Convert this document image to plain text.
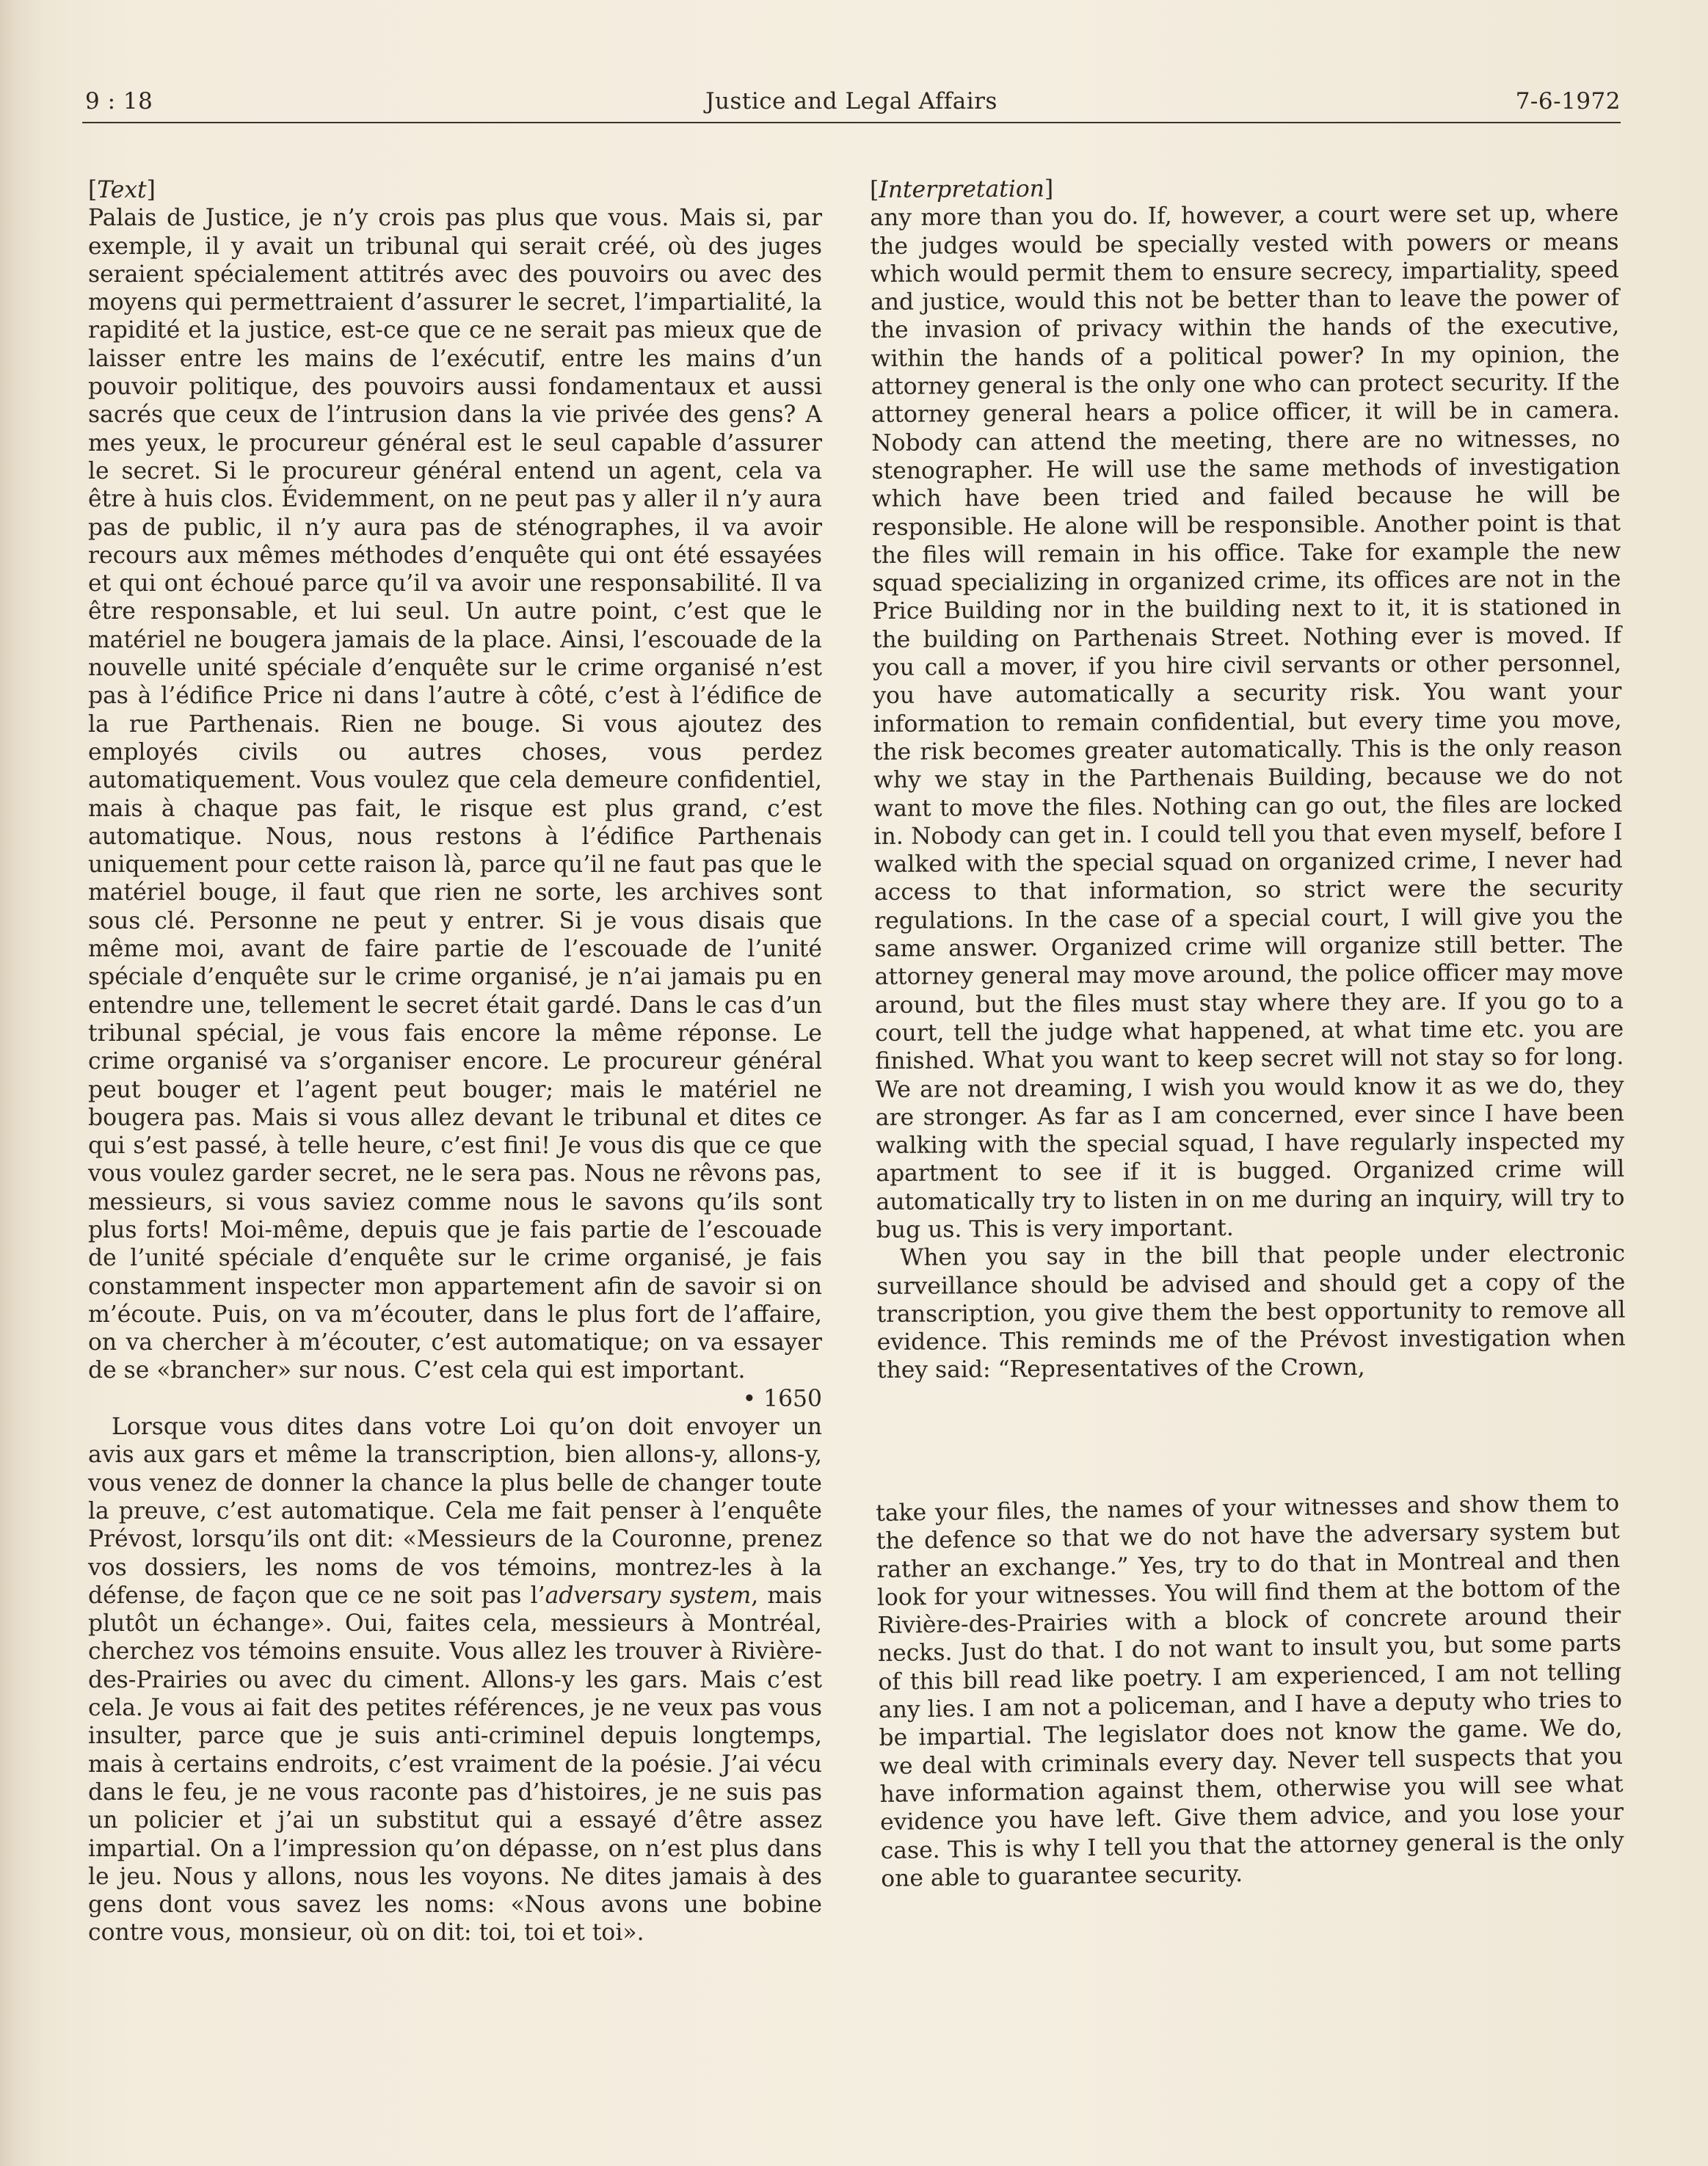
9 : 18	Justice and Legal Affairs	7-6-1972

[Text]

Palais de Justice, je n’y crois pas plus que vous. Mais si, par exemple, il y avait un tribunal qui serait créé, où des juges seraient spécialement attitrés avec des pouvoirs ou avec des moyens qui permettraient d’assurer le secret, l’impartialité, la rapidité et la justice, est-ce que ce ne serait pas mieux que de laisser entre les mains de l’exécutif, entre les mains d’un pouvoir politique, des pouvoirs aussi fondamentaux et aussi sacrés que ceux de l’intrusion dans la vie privée des gens? A mes yeux, le procureur général est le seul capable d’assurer le secret. Si le procureur général entend un agent, cela va être à huis clos. Évidemment, on ne peut pas y aller il n’y aura pas de public, il n’y aura pas de sténographes, il va avoir recours aux mêmes méthodes d’enquête qui ont été essayées et qui ont échoué parce qu’il va avoir une responsabilité. Il va être responsable, et lui seul. Un autre point, c’est que le matériel ne bougera jamais de la place. Ainsi, l’escouade de la nouvelle unité spéciale d’enquête sur le crime organisé n’est pas à l’édifice Price ni dans l’autre à côté, c’est à l’édifice de la rue Parthenais. Rien ne bouge. Si vous ajoutez des employés civils ou autres choses, vous perdez automatiquement. Vous voulez que cela demeure confidentiel, mais à chaque pas fait, le risque est plus grand, c’est automatique. Nous, nous restons à l’édifice Parthenais uniquement pour cette raison là, parce qu’il ne faut pas que le matériel bouge, il faut que rien ne sorte, les archives sont sous clé. Personne ne peut y entrer. Si je vous disais que même moi, avant de faire partie de l’escouade de l’unité spéciale d’enquête sur le crime organisé, je n’ai jamais pu en entendre une, tellement le secret était gardé. Dans le cas d’un tribunal spécial, je vous fais encore la même réponse. Le crime organisé va s’organiser encore. Le procureur général peut bouger et l’agent peut bouger; mais le matériel ne bougera pas. Mais si vous allez devant le tribunal et dites ce qui s’est passé, à telle heure, c’est fini! Je vous dis que ce que vous voulez garder secret, ne le sera pas. Nous ne rêvons pas, messieurs, si vous saviez comme nous le savons qu’ils sont plus forts! Moi-même, depuis que je fais partie de l’escouade de l’unité spéciale d’enquête sur le crime organisé, je fais constamment inspecter mon appartement afin de savoir si on m’écoute. Puis, on va m’écouter, dans le plus fort de l’affaire, on va chercher à m’écouter, c’est automatique; on va essayer de se «brancher» sur nous. C’est cela qui est important.

• 1650

Lorsque vous dites dans votre Loi qu’on doit envoyer un avis aux gars et même la transcription, bien allons-y, allons-y, vous venez de donner la chance la plus belle de changer toute la preuve, c’est automatique. Cela me fait penser à l’enquête Prévost, lorsqu’ils ont dit: «Messieurs de la Couronne, prenez vos dossiers, les noms de vos témoins, montrez-les à la défense, de façon que ce ne soit pas l’adversary system, mais plutôt un échange». Oui, faites cela, messieurs à Montréal, cherchez vos témoins ensuite. Vous allez les trouver à Rivière-des-Prairies ou avec du ciment. Allons-y les gars. Mais c’est cela. Je vous ai fait des petites références, je ne veux pas vous insulter, parce que je suis anti-criminel depuis longtemps, mais à certains endroits, c’est vraiment de la poésie. J’ai vécu dans le feu, je ne vous raconte pas d’histoires, je ne suis pas un policier et j’ai un substitut qui a essayé d’être assez impartial. On a l’impression qu’on dépasse, on n’est plus dans le jeu. Nous y allons, nous les voyons. Ne dites jamais à des gens dont vous savez les noms: «Nous avons une bobine contre vous, monsieur, où on dit: toi, toi et toi».

[Interpretation]

any more than you do. If, however, a court were set up, where the judges would be specially vested with powers or means which would permit them to ensure secrecy, impartiality, speed and justice, would this not be better than to leave the power of the invasion of privacy within the hands of the executive, within the hands of a political power? In my opinion, the attorney general is the only one who can protect security. If the attorney general hears a police officer, it will be in camera. Nobody can attend the meeting, there are no witnesses, no stenographer. He will use the same methods of investigation which have been tried and failed because he will be responsible. He alone will be responsible. Another point is that the files will remain in his office. Take for example the new squad specializing in organized crime, its offices are not in the Price Building nor in the building next to it, it is stationed in the building on Parthenais Street. Nothing ever is moved. If you call a mover, if you hire civil servants or other personnel, you have automatically a security risk. You want your information to remain confidential, but every time you move, the risk becomes greater automatically. This is the only reason why we stay in the Parthenais Building, because we do not want to move the files. Nothing can go out, the files are locked in. Nobody can get in. I could tell you that even myself, before I walked with the special squad on organized crime, I never had access to that information, so strict were the security regulations. In the case of a special court, I will give you the same answer. Organized crime will organize still better. The attorney general may move around, the police officer may move around, but the files must stay where they are. If you go to a court, tell the judge what happened, at what time etc. you are finished. What you want to keep secret will not stay so for long. We are not dreaming, I wish you would know it as we do, they are stronger. As far as I am concerned, ever since I have been walking with the special squad, I have regularly inspected my apartment to see if it is bugged. Organized crime will automatically try to listen in on me during an inquiry, will try to bug us. This is very important.

When you say in the bill that people under electronic surveillance should be advised and should get a copy of the transcription, you give them the best opportunity to remove all evidence. This reminds me of the Prévost investigation when they said: “Representatives of the Crown,

take your files, the names of your witnesses and show them to the defence so that we do not have the adversary system but rather an exchange.” Yes, try to do that in Montreal and then look for your witnesses. You will find them at the bottom of the Rivière-des-Prairies with a block of concrete around their necks. Just do that. I do not want to insult you, but some parts of this bill read like poetry. I am experienced, I am not telling any lies. I am not a policeman, and I have a deputy who tries to be impartial. The legislator does not know the game. We do, we deal with criminals every day. Never tell suspects that you have information against them, otherwise you will see what evidence you have left. Give them advice, and you lose your case. This is why I tell you that the attorney general is the only one able to guarantee security.
